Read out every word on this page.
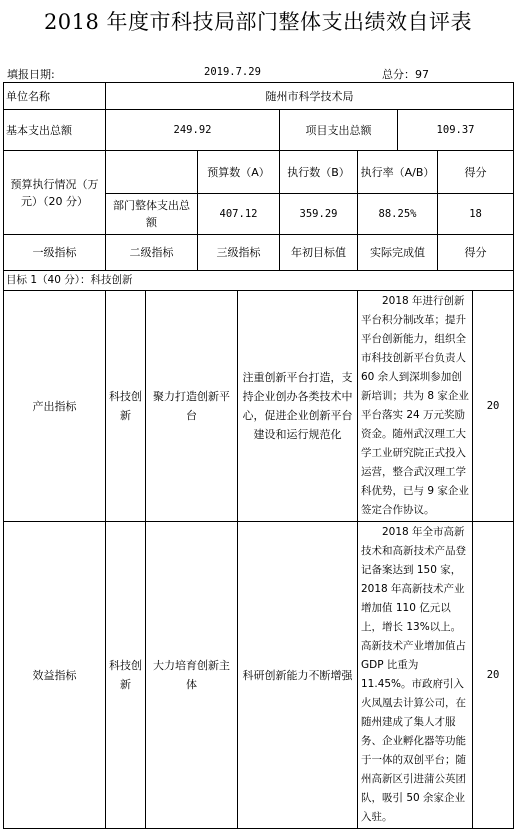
2018 年度市科技局部门整体支出绩效自评表
填报日期:	2019.7.29	总分：97
单位名称	随州市科学技术局								
基本支出总额	249.92				项目支出总额		109.37		
预算执行情况（万元）（20 分）			预算数（A）		执行数（B）	执行率（A/B）		得分	
	部门整体支出总额		407.12		359.29	88.25%		18	
一级指标	二级指标		三级指标		年初目标值	实际完成值		得分	
目标 1（40 分）：科技创新									
产出指标	科技创新	聚力打造创新平台		注重创新平台打造，支持企业创办各类技术中心，促进企业创新平台建设和运行规范化		2018 年进行创新平台积分制改革；提升平台创新能力，组织全市科技创新平台负责人 60 余人到深圳参加创新培训；共为 8 家企业平台落实 24 万元奖励资金。随州武汉理工大学工业研究院正式投入运营，整合武汉理工学科优势，已与 9 家企业签定合作协议。			20
效益指标	科技创新	大力培育创新主体		科研创新能力不断增强		2018 年全市高新技术和高新技术产品登记备案达到 150 家，2018 年高新技术产业增加值 110 亿元以上，增长 13%以上。高新技术产业增加值占 GDP 比重为 11.45%。市政府引入火凤凰去计算公司，在随州建成了集人才服务、企业孵化器等功能于一体的双创平台；随州高新区引进蒲公英团队，吸引 50 余家企业入驻。			20
